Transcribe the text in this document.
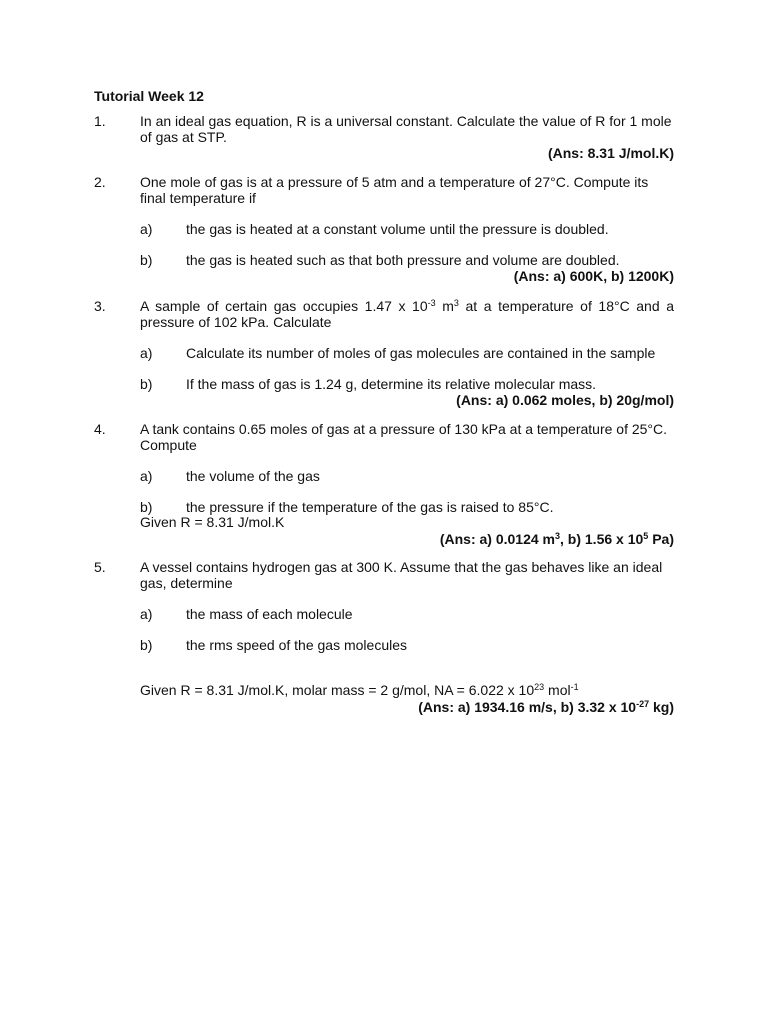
Tutorial Week 12
1. In an ideal gas equation, R is a universal constant. Calculate the value of R for 1 mole of gas at STP.
(Ans: 8.31 J/mol.K)
2. One mole of gas is at a pressure of 5 atm and a temperature of 27°C. Compute its final temperature if
a) the gas is heated at a constant volume until the pressure is doubled.
b) the gas is heated such as that both pressure and volume are doubled.
(Ans: a) 600K, b) 1200K)
3. A sample of certain gas occupies 1.47 x $10^{-3}$ $m^3$ at a temperature of 18°C and a pressure of 102 kPa. Calculate
a) Calculate its number of moles of gas molecules are contained in the sample
b) If the mass of gas is 1.24 g, determine its relative molecular mass.
(Ans: a) 0.062 moles, b) 20g/mol)
4. A tank contains 0.65 moles of gas at a pressure of 130 kPa at a temperature of 25°C. Compute
a) the volume of the gas
b) the pressure if the temperature of the gas is raised to 85°C.
Given R = 8.31 J/mol.K
(Ans: a) 0.0124 $m^3$, b) 1.56 x $10^5$ Pa)
5. A vessel contains hydrogen gas at 300 K. Assume that the gas behaves like an ideal gas, determine
a) the mass of each molecule
b) the rms speed of the gas molecules
Given R = 8.31 J/mol.K, molar mass = 2 g/mol, NA = 6.022 x $10^{23}$ mol$^{-1}$
(Ans: a) 1934.16 m/s, b) 3.32 x $10^{-27}$ kg)
